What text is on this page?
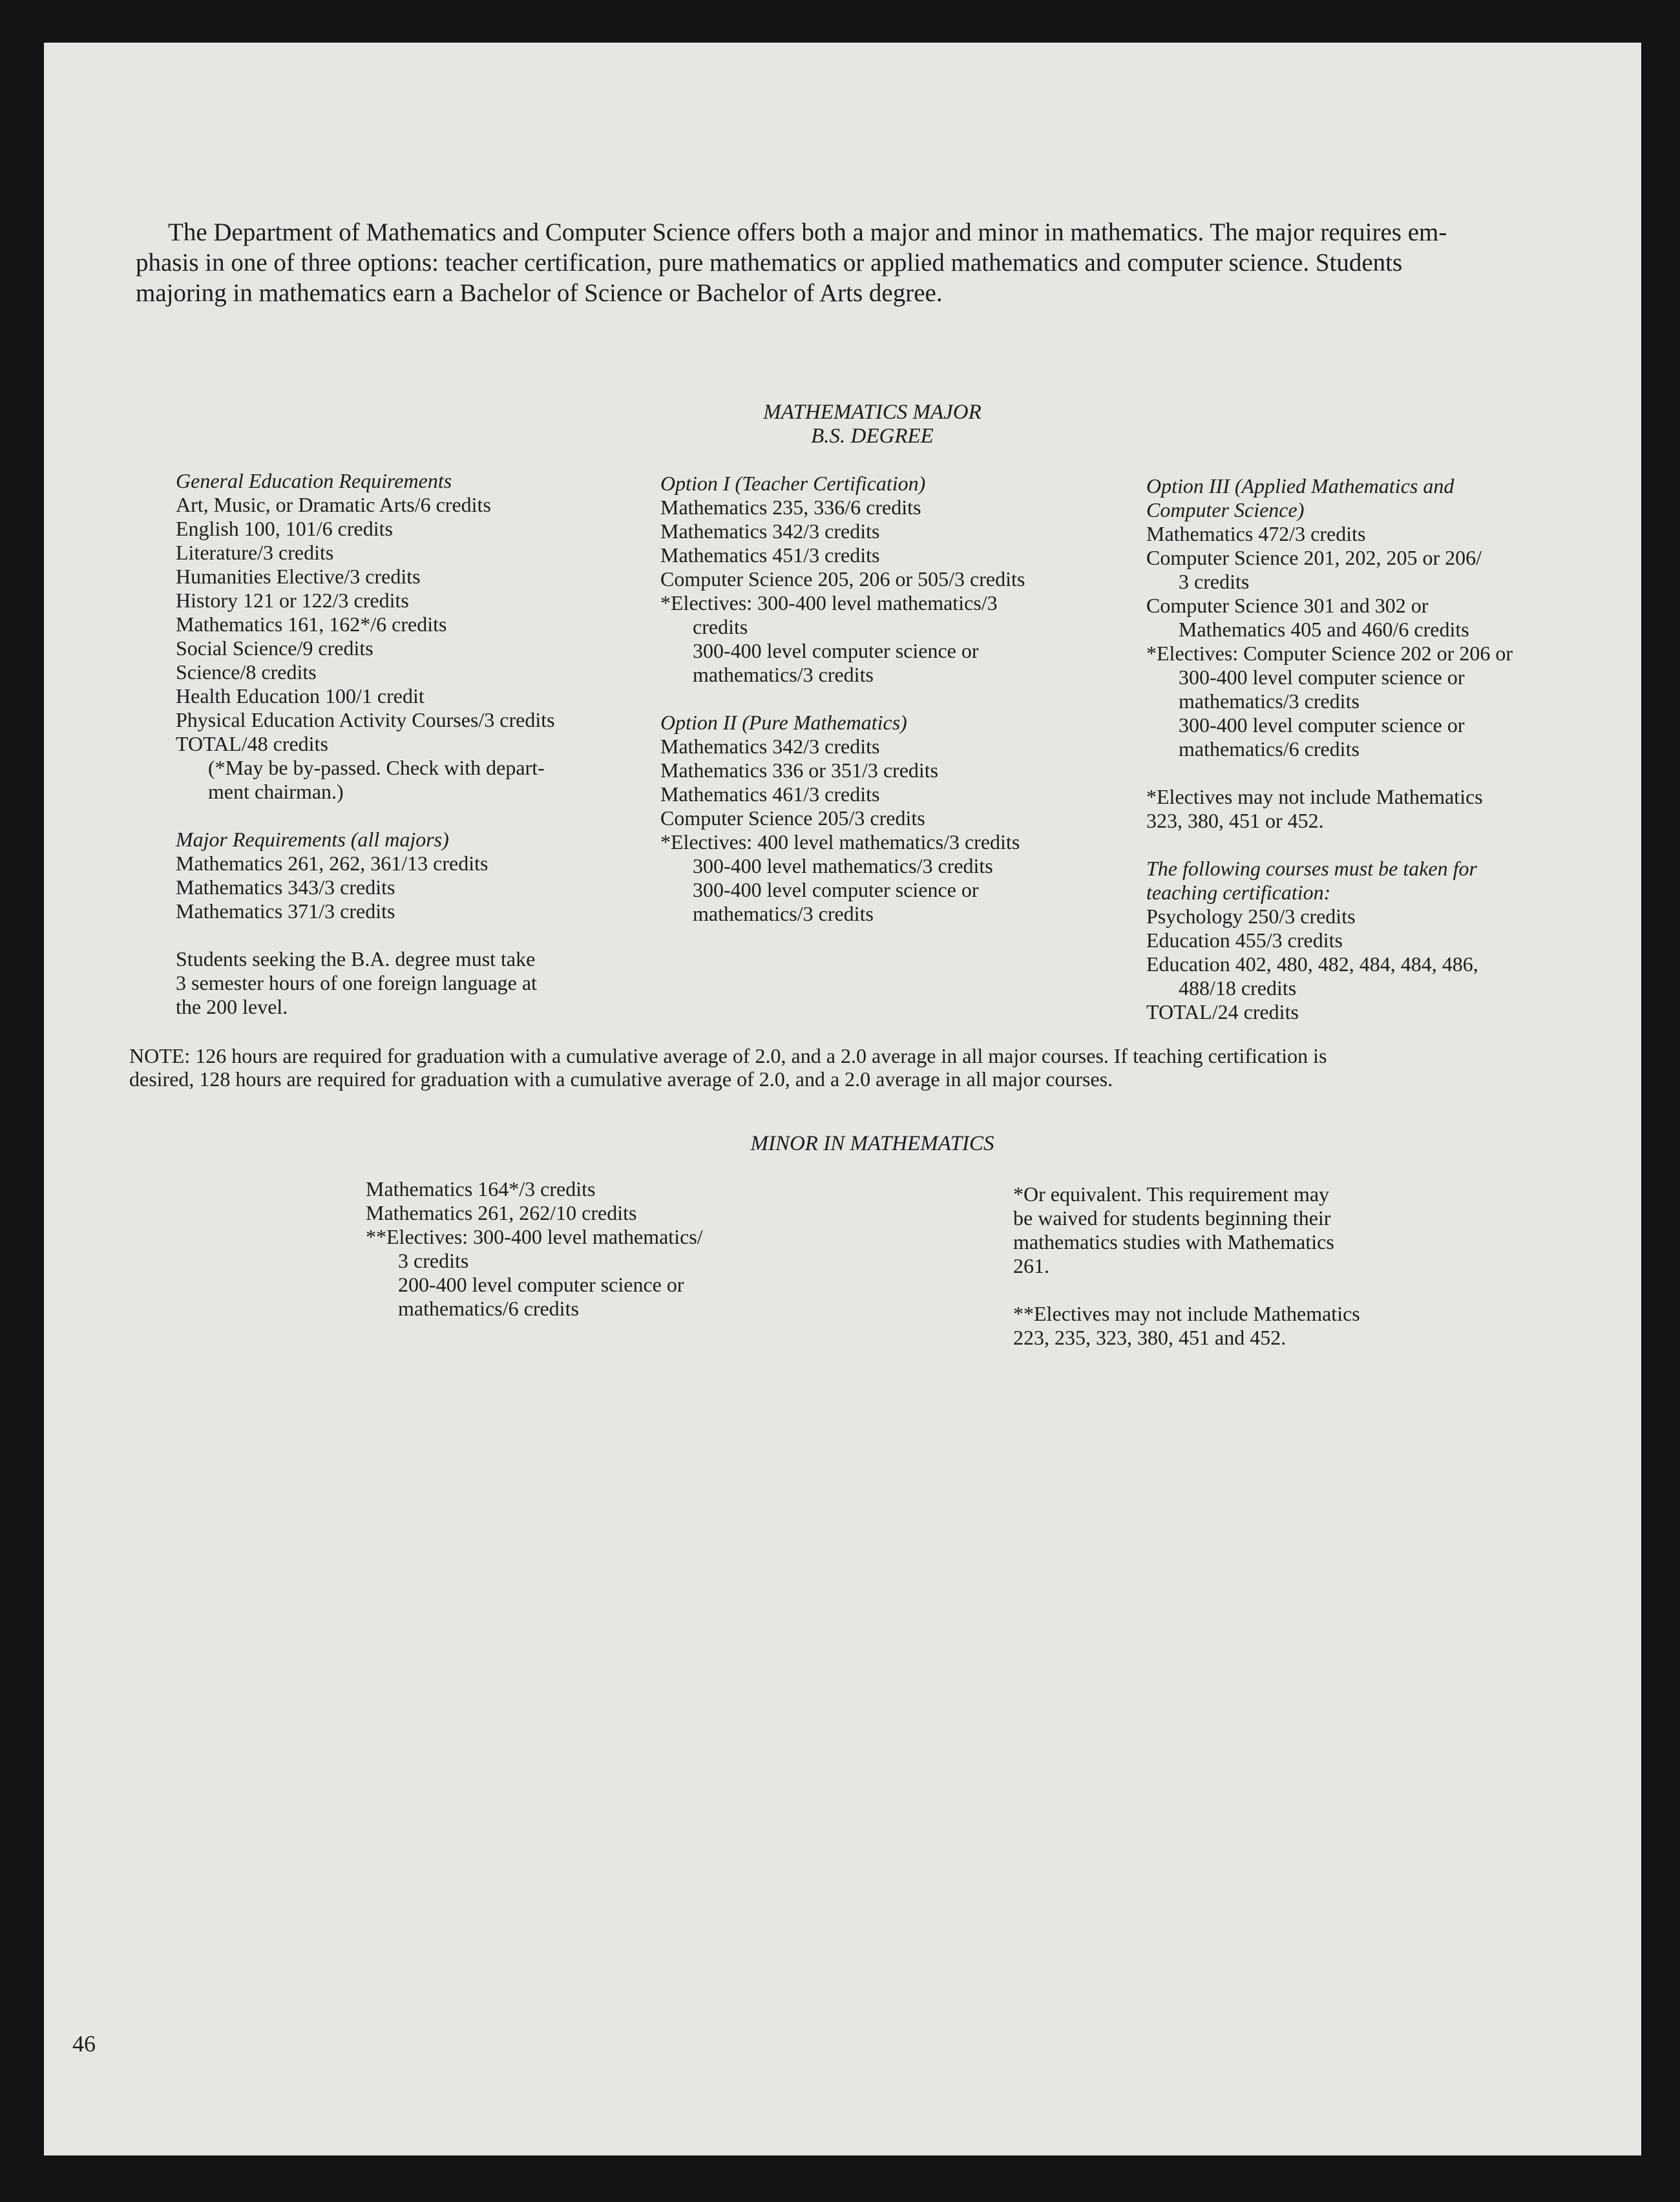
The Department of Mathematics and Computer Science offers both a major and minor in mathematics. The major requires em-

phasis in one of three options: teacher certification, pure mathematics or applied mathematics and computer science. Students

majoring in mathematics earn a Bachelor of Science or Bachelor of Arts degree.

MATHEMATICS MAJOR
B.S. DEGREE
General Education Requirements
Art, Music, or Dramatic Arts/6 credits
English 100, 101/6 credits
Literature/3 credits
Humanities Elective/3 credits
History 121 or 122/3 credits
Mathematics 161, 162*/6 credits
Social Science/9 credits
Science/8 credits
Health Education 100/1 credit
Physical Education Activity Courses/3 credits
TOTAL/48 credits
(*May be by-passed. Check with depart-
ment chairman.)
Major Requirements (all majors)
Mathematics 261, 262, 361/13 credits
Mathematics 343/3 credits
Mathematics 371/3 credits
Students seeking the B.A. degree must take
3 semester hours of one foreign language at
the 200 level.
Option I (Teacher Certification)
Mathematics 235, 336/6 credits
Mathematics 342/3 credits
Mathematics 451/3 credits
Computer Science 205, 206 or 505/3 credits
*Electives: 300-400 level mathematics/3
credits
300-400 level computer science or
mathematics/3 credits
Option II (Pure Mathematics)
Mathematics 342/3 credits
Mathematics 336 or 351/3 credits
Mathematics 461/3 credits
Computer Science 205/3 credits
*Electives: 400 level mathematics/3 credits
300-400 level mathematics/3 credits
300-400 level computer science or
mathematics/3 credits
Option III (Applied Mathematics and
Computer Science)
Mathematics 472/3 credits
Computer Science 201, 202, 205 or 206/
3 credits
Computer Science 301 and 302 or
Mathematics 405 and 460/6 credits
*Electives: Computer Science 202 or 206 or
300-400 level computer science or
mathematics/3 credits
300-400 level computer science or
mathematics/6 credits
*Electives may not include Mathematics
323, 380, 451 or 452.
The following courses must be taken for
teaching certification:
Psychology 250/3 credits
Education 455/3 credits
Education 402, 480, 482, 484, 484, 486,
488/18 credits
TOTAL/24 credits
NOTE: 126 hours are required for graduation with a cumulative average of 2.0, and a 2.0 average in all major courses. If teaching certification is
desired, 128 hours are required for graduation with a cumulative average of 2.0, and a 2.0 average in all major courses.
MINOR IN MATHEMATICS
Mathematics 164*/3 credits
Mathematics 261, 262/10 credits
**Electives: 300-400 level mathematics/
3 credits
200-400 level computer science or
mathematics/6 credits
*Or equivalent. This requirement may
be waived for students beginning their
mathematics studies with Mathematics
261.
**Electives may not include Mathematics
223, 235, 323, 380, 451 and 452.
46
